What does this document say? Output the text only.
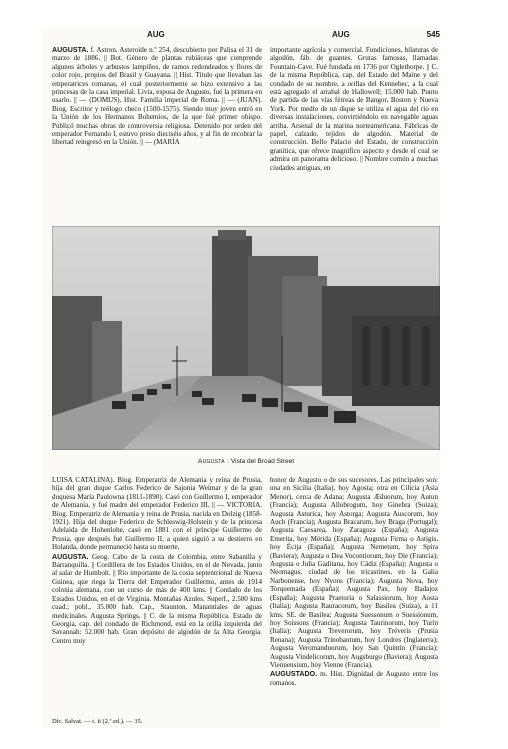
AUG	AUG	545

AUGUSTA. f. Astron. Asteroide n.º 254, descubierto por Palisa el 31 de marzo de 1886. || Bot. Género de plantas rubiáceas que comprende algunos árboles y arbustos lampiños, de ramos redondeados y flores de color rojo, propios del Brasil y Guayana. || Hist. Título que llevaban las emperatrices romanas, el cual posteriormente se hizo extensivo a las princesas de la casa imperial. Livia, esposa de Augusto, fué la primera en usarlo. || — (DOMUS). Hist. Familia imperial de Roma. || — (JUAN). Biog. Escritor y teólogo checo (1500-1575). Siendo muy joven entró en la Unión de los Hermanos Bohemios, de la que fué primer obispo. Publicó muchas obras de controversia religiosa. Detenido por orden del emperador Fernando I, estuvo preso dieciséis años, y al fin de recobrar la libertad reingresó en la Unión. || — (MARÍA

importante agrícola y comercial. Fundiciones, hilaturas de algodón, fáb. de guantes. Grutas famosas, llamadas Fountain-Cave. Fué fundada en 1736 por Oglethorpe. || C. de la misma República, cap. del Estado del Maine y del condado de su nombre, a orillas del Kennebec, a la cual está agregado el arrabal de Hallowell; 15.000 hab. Punto de partida de las vías férreas de Bangor, Boston y Nueva York. Por medio de un dique se utiliza el agua del río en diversas instalaciones, convirtiéndolo en navegable aguas arriba. Arsenal de la marina norteamericana. Fábricas de papel, calzado, tejidos de algodón. Material de construcción. Bello Palacio del Estado, de construcción granítica, que ofrece magnífico aspecto y desde el cual se admira un panorama delicioso. || Nombre común a muchas ciudades antiguas, en

Augusta : Vista del Broad Street

LUISA CATALINA). Biog. Emperatriz de Alemania y reina de Prusia, hija del gran duque Carlos Federico de Sajonia Weimar y de la gran duquesa María Paulowna (1811-1890). Casó con Guillermo I, emperador de Alemania, y fué madre del emperador Federico III. || — VICTORIA. Biog. Emperatriz de Alemania y reina de Prusia, nacida en Dolzig (1858-1921). Hija del duque Federico de Schleswig-Holstein y de la princesa Adelaida de Hohenlohe, casó en 1881 con el príncipe Guillermo de Prusia, que después fué Guillermo II, a quien siguió a su destierro en Holanda, donde permaneció hasta su muerte.

AUGUSTA. Geog. Cabo de la costa de Colombia, entre Sabanilla y Barranquilla. || Cordillera de los Estados Unidos, en el de Nevada, junto al salar de Humbolt. || Río importante de la costa septentrional de Nueva Guinea, que riega la Tierra del Emperador Guillermo, antes de 1914 colonia alemana, con un curso de más de 400 kms. || Condado de los Estados Unidos, en el de Virginia. Montañas Azules. Superf., 2.500 kms cuad.; pobl., 35.000 hab. Cap., Staunton. Manantiales de aguas medicinales. Augusta Springs. || C. de la misma República. Estado de Georgia, cap. del condado de Richmond, está en la orilla izquierda del Savannah: 52.000 hab. Gran depósito de algodón de la Alta Georgia. Centro muy

honor de Augusto o de sus sucesores. Las principales son: una en Sicilia (Italia), hoy Agosta; otra en Cilicia (Asia Menor), cerca de Adana; Augusta Æduorum, hoy Autun (Francia); Augusta Allobrogum, hoy Ginebra (Suiza); Augusta Asturica, hoy Astorga; Augusta Auscorum, hoy Auch (Francia); Augusta Bracarum, hoy Braga (Portugal); Augusta Caesarea, hoy Zaragoza (España); Augusta Emerita, hoy Mérida (España); Augusta Firma o Astigis, hoy Écija (España); Augusta Nemetum, hoy Spira (Baviera); Augusta o Dea Vocontiorum, hoy Die (Francia); Augusta o Julia Gaditana, hoy Cádiz (España); Augusta o Neomagus, ciudad de los tricastinos, en la Galia Narbonense, hoy Nyons (Francia); Augusta Nova, hoy Torquemada (España); Augusta Pax, hoy Badajoz (España); Augusta Praetoria o Salassiorum, hoy Aosta (Italia); Augusta Rauracorum, hoy Basilea (Suiza), a 11 kms. SE. de Basilea; Augusta Suessonum o Suessionum, hoy Soissons (Francia); Augusta Taurinorum, hoy Turín (Italia); Augusta Treverorum, hoy Tréveris (Prusia Renana); Augusta Trinobantum, hoy Londres (Inglaterra); Augusta Veromanduorum, hoy San Quintín (Francia); Augusta Vindelicorum, hoy Augsburgo (Baviera); Augusta Viennensium, hoy Vienne (Francia).

AUGUSTADO. m. Hist. Dignidad de Augusto entre los romanos.

Dic. Salvat. — t. ii (2.ª ed.). — 35.
